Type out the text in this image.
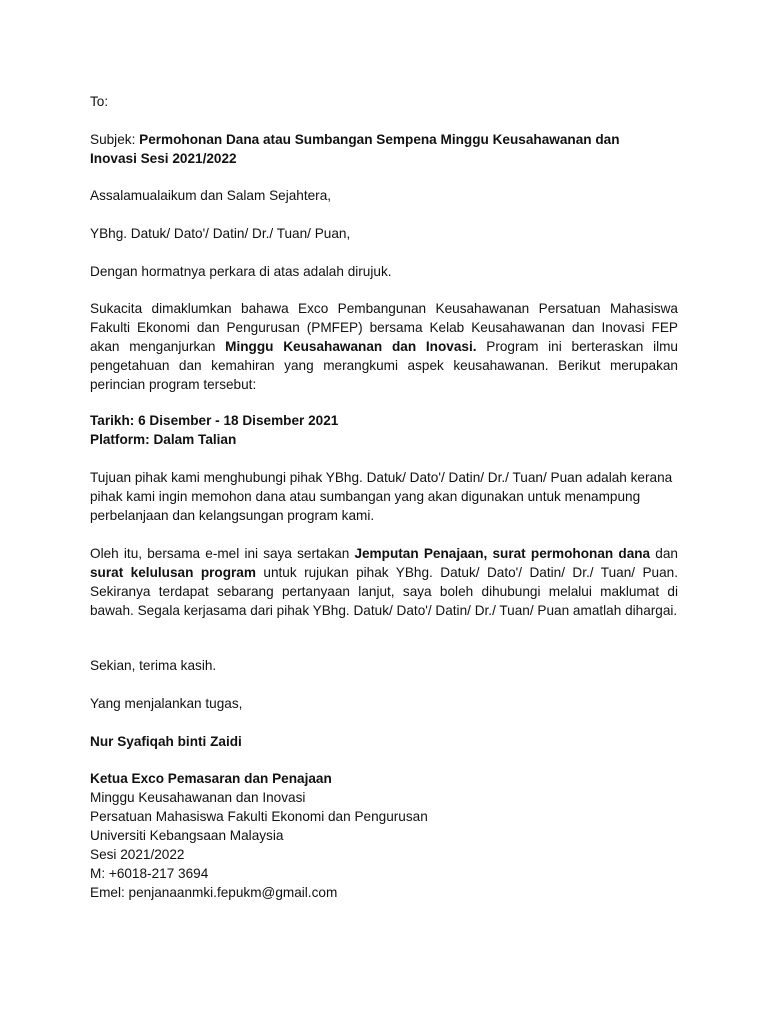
To:

Subjek: Permohonan Dana atau Sumbangan Sempena Minggu Keusahawanan dan
Inovasi Sesi 2021/2022

Assalamualaikum dan Salam Sejahtera,

YBhg. Datuk/ Dato'/ Datin/ Dr./ Tuan/ Puan,

Dengan hormatnya perkara di atas adalah dirujuk.

Sukacita dimaklumkan bahawa Exco Pembangunan Keusahawanan Persatuan Mahasiswa Fakulti Ekonomi dan Pengurusan (PMFEP) bersama Kelab Keusahawanan dan Inovasi FEP akan menganjurkan Minggu Keusahawanan dan Inovasi. Program ini berteraskan ilmu pengetahuan dan kemahiran yang merangkumi aspek keusahawanan. Berikut merupakan perincian program tersebut:

Tarikh: 6 Disember - 18 Disember 2021
Platform: Dalam Talian

Tujuan pihak kami menghubungi pihak YBhg. Datuk/ Dato'/ Datin/ Dr./ Tuan/ Puan adalah kerana pihak kami ingin memohon dana atau sumbangan yang akan digunakan untuk menampung perbelanjaan dan kelangsungan program kami.

Oleh itu, bersama e-mel ini saya sertakan Jemputan Penajaan, surat permohonan dana dan surat kelulusan program untuk rujukan pihak YBhg. Datuk/ Dato'/ Datin/ Dr./ Tuan/ Puan. Sekiranya terdapat sebarang pertanyaan lanjut, saya boleh dihubungi melalui maklumat di bawah. Segala kerjasama dari pihak YBhg. Datuk/ Dato'/ Datin/ Dr./ Tuan/ Puan amatlah dihargai.

Sekian, terima kasih.

Yang menjalankan tugas,

Nur Syafiqah binti Zaidi

Ketua Exco Pemasaran dan Penajaan
Minggu Keusahawanan dan Inovasi
Persatuan Mahasiswa Fakulti Ekonomi dan Pengurusan
Universiti Kebangsaan Malaysia
Sesi 2021/2022
M: +6018-217 3694
Emel: penjanaanmki.fepukm@gmail.com
